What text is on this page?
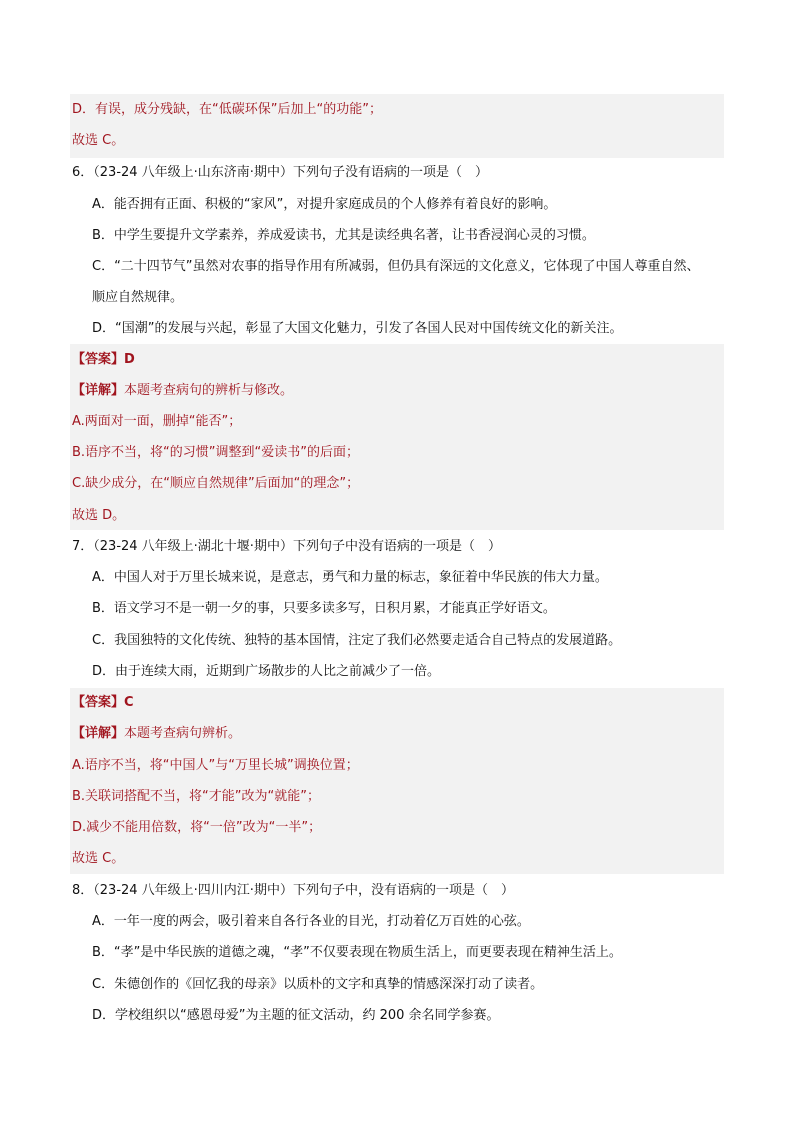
D．有误，成分残缺，在“低碳环保”后加上“的功能”；
故选 C。
6．（23-24 八年级上·山东济南·期中）下列句子没有语病的一项是（　）
A．能否拥有正面、积极的“家风”，对提升家庭成员的个人修养有着良好的影响。
B．中学生要提升文学素养，养成爱读书，尤其是读经典名著，让书香浸润心灵的习惯。
C．“二十四节气”虽然对农事的指导作用有所减弱，但仍具有深远的文化意义，它体现了中国人尊重自然、
顺应自然规律。
D．“国潮”的发展与兴起，彰显了大国文化魅力，引发了各国人民对中国传统文化的新关注。
【答案】D
【详解】本题考查病句的辨析与修改。
A.两面对一面，删掉“能否”；
B.语序不当，将“的习惯”调整到“爱读书”的后面；
C.缺少成分，在“顺应自然规律”后面加“的理念”；
故选 D。
7．（23-24 八年级上·湖北十堰·期中）下列句子中没有语病的一项是（　）
A．中国人对于万里长城来说，是意志，勇气和力量的标志，象征着中华民族的伟大力量。
B．语文学习不是一朝一夕的事，只要多读多写，日积月累，才能真正学好语文。
C．我国独特的文化传统、独特的基本国情，注定了我们必然要走适合自己特点的发展道路。
D．由于连续大雨，近期到广场散步的人比之前减少了一倍。
【答案】C
【详解】本题考查病句辨析。
A.语序不当，将“中国人”与“万里长城”调换位置；
B.关联词搭配不当，将“才能”改为“就能”；
D.减少不能用倍数，将“一倍”改为“一半”；
故选 C。
8．（23-24 八年级上·四川内江·期中）下列句子中，没有语病的一项是（　）
A．一年一度的两会，吸引着来自各行各业的目光，打动着亿万百姓的心弦。
B．“孝”是中华民族的道德之魂，“孝”不仅要表现在物质生活上，而更要表现在精神生活上。
C．朱德创作的《回忆我的母亲》以质朴的文字和真挚的情感深深打动了读者。
D．学校组织以“感恩母爱”为主题的征文活动，约 200 余名同学参赛。
